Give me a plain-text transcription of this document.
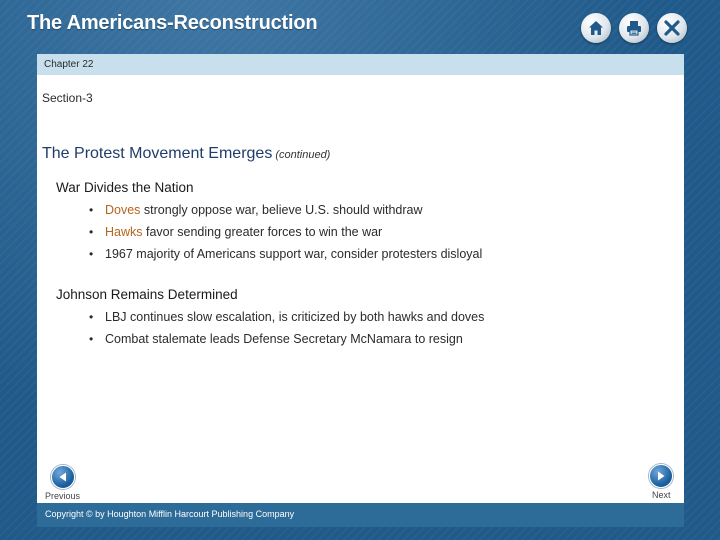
The Americans-Reconstruction
Chapter 22
Section-3
The Protest Movement Emerges (continued)
War Divides the Nation
• Doves strongly oppose war, believe U.S. should withdraw
• Hawks favor sending greater forces to win the war
• 1967 majority of Americans support war, consider protesters disloyal
Johnson Remains Determined
• LBJ continues slow escalation, is criticized by both hawks and doves
• Combat stalemate leads Defense Secretary McNamara to resign
Previous	Next
Copyright © by Houghton Mifflin Harcourt Publishing Company
